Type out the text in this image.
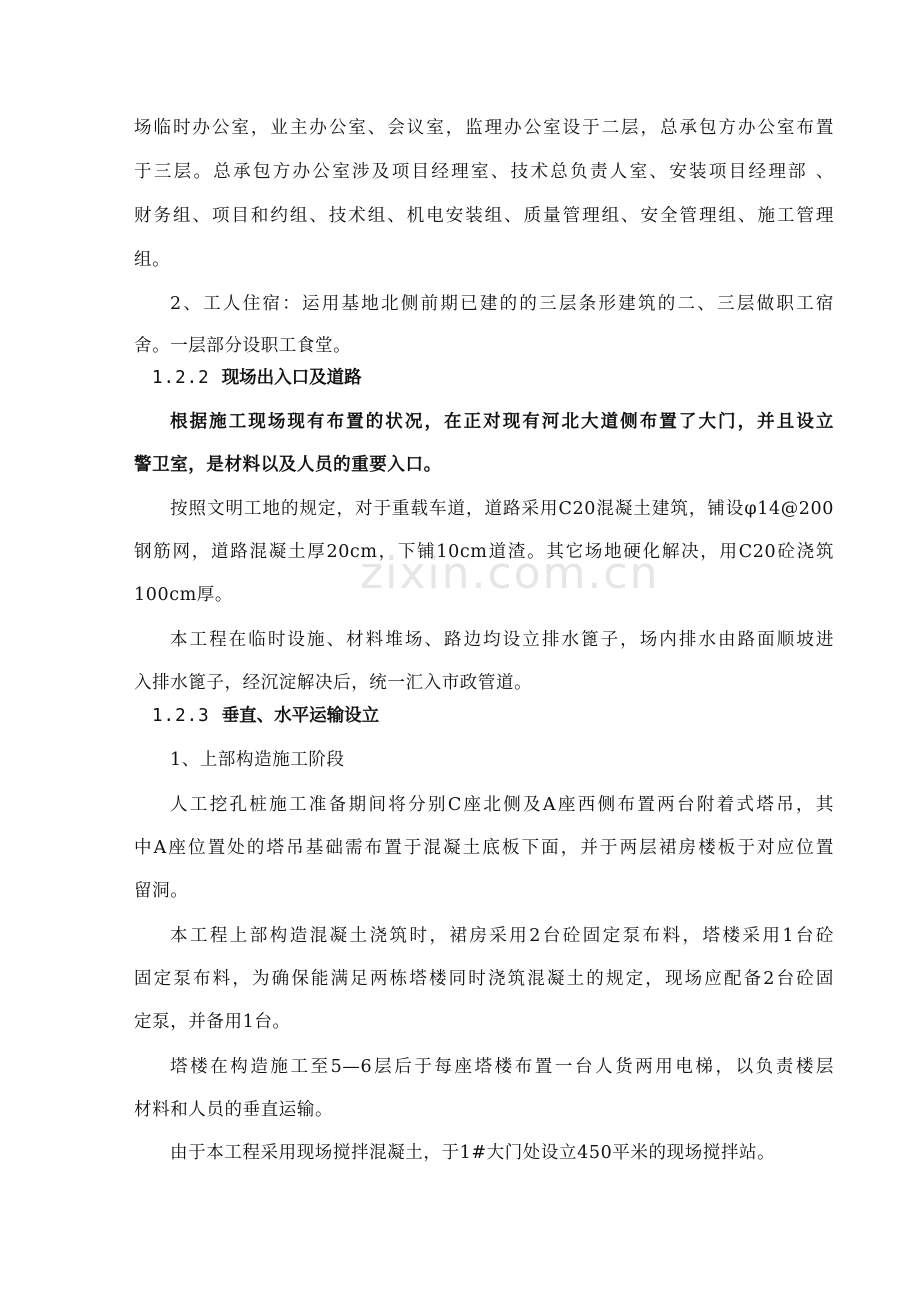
zixin.com.cn

场临时办公室，业主办公室、会议室，监理办公室设于二层，总承包方办公室布置

于三层。总承包方办公室涉及项目经理室、技术总负责人室、安装项目经理部 、

财务组、项目和约组、技术组、机电安装组、质量管理组、安全管理组、施工管理

组。

2、工人住宿：运用基地北侧前期已建的的三层条形建筑的二、三层做职工宿

舍。一层部分设职工食堂。

1.2.2 现场出入口及道路

根据施工现场现有布置的状况，在正对现有河北大道侧布置了大门，并且设立

警卫室，是材料以及人员的重要入口。

按照文明工地的规定，对于重载车道，道路采用C20混凝土建筑，铺设φ14@200

钢筋网，道路混凝土厚20cm，下铺10cm道渣。其它场地硬化解决，用C20砼浇筑

100cm厚。

本工程在临时设施、材料堆场、路边均设立排水篦子，场内排水由路面顺坡进

入排水篦子，经沉淀解决后，统一汇入市政管道。

1.2.3 垂直、水平运输设立

1、上部构造施工阶段

人工挖孔桩施工准备期间将分别C座北侧及A座西侧布置两台附着式塔吊，其

中A座位置处的塔吊基础需布置于混凝土底板下面，并于两层裙房楼板于对应位置

留洞。

本工程上部构造混凝土浇筑时，裙房采用2台砼固定泵布料，塔楼采用1台砼

固定泵布料，为确保能满足两栋塔楼同时浇筑混凝土的规定，现场应配备2台砼固

定泵，并备用1台。

塔楼在构造施工至5—6层后于每座塔楼布置一台人货两用电梯，以负责楼层

材料和人员的垂直运输。

由于本工程采用现场搅拌混凝土，于1#大门处设立450平米的现场搅拌站。
